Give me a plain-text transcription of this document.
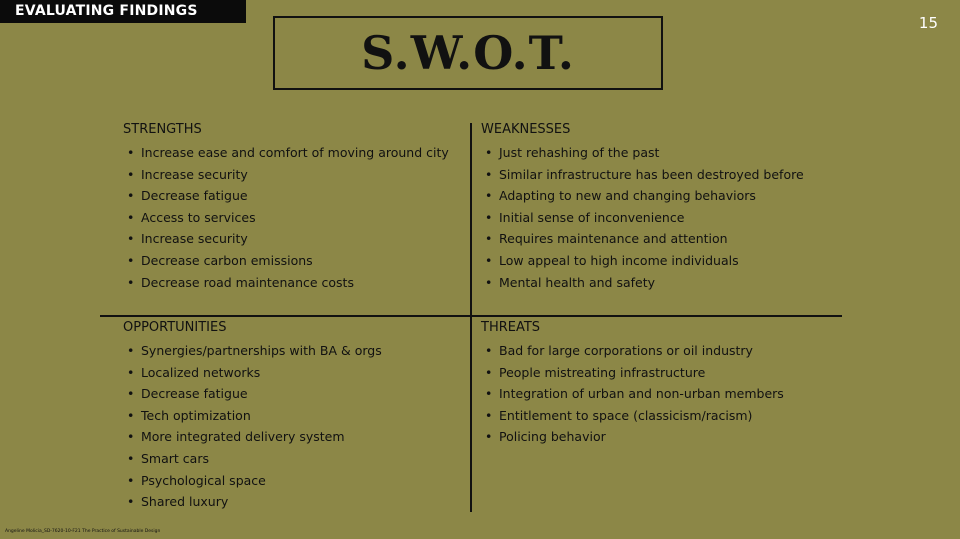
EVALUATING FINDINGS
15
S.W.O.T.
STRENGTHS
• Increase ease and comfort of moving around city
• Increase security
• Decrease fatigue
• Access to services
• Increase security
• Decrease carbon emissions
• Decrease road maintenance costs
WEAKNESSES
• Just rehashing of the past
• Similar infrastructure has been destroyed before
• Adapting to new and changing behaviors
• Initial sense of inconvenience
• Requires maintenance and attention
• Low appeal to high income individuals
• Mental health and safety
OPPORTUNITIES
• Synergies/partnerships with BA & orgs
• Localized networks
• Decrease fatigue
• Tech optimization
• More integrated delivery system
• Smart cars
• Psychological space
• Shared luxury
THREATS
• Bad for large corporations or oil industry
• People mistreating infrastructure
• Integration of urban and non-urban members
• Entitlement to space (classicism/racism)
• Policing behavior
Angeline Molicia_SD-7620-10-F21 The Practice of Sustainable Design
